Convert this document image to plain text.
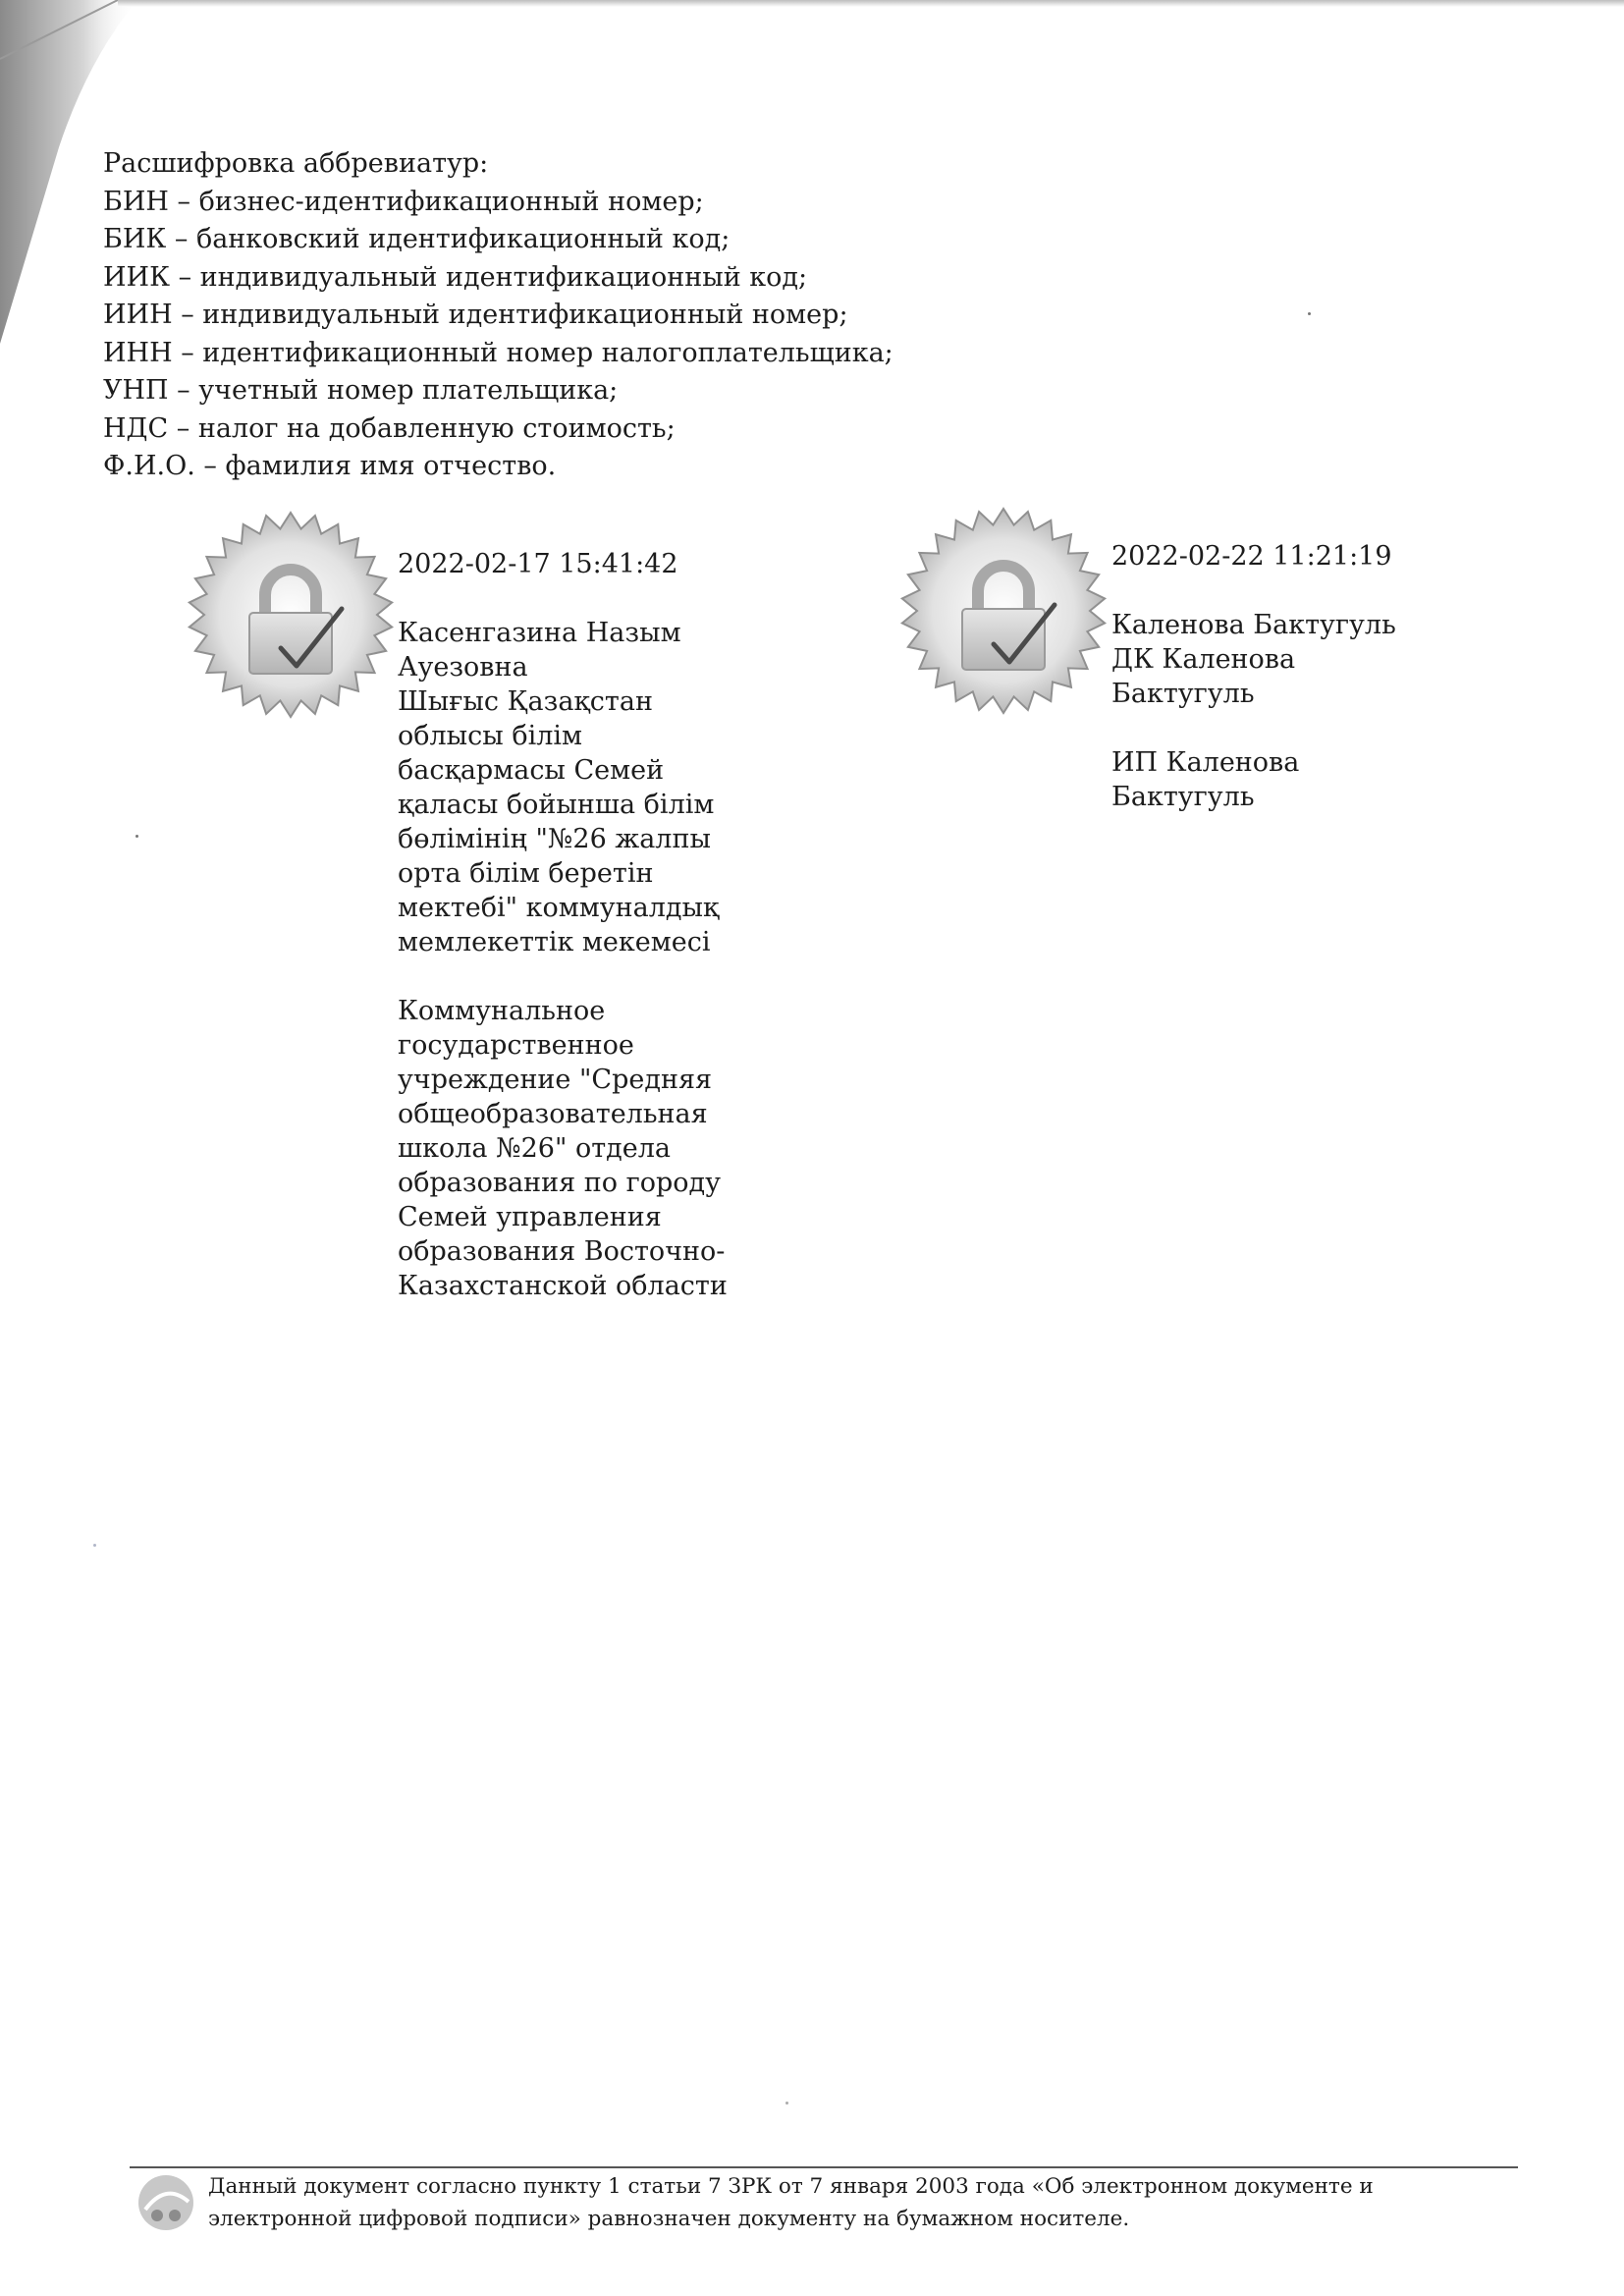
Расшифровка аббревиатур:
БИН – бизнес-идентификационный номер;
БИК – банковский идентификационный код;
ИИК – индивидуальный идентификационный код;
ИИН – индивидуальный идентификационный номер;
ИНН – идентификационный номер налогоплательщика;
УНП – учетный номер плательщика;
НДС – налог на добавленную стоимость;
Ф.И.О. – фамилия имя отчество.

2022-02-17 15:41:42

Касенгазина Назым
Ауезовна
Шығыс Қазақстан
облысы білім
басқармасы Семей
қаласы бойынша білім
бөлімінің "№26 жалпы
орта білім беретін
мектебі" коммуналдық
мемлекеттік мекемесі

Коммунальное
государственное
учреждение "Средняя
общеобразовательная
школа №26" отдела
образования по городу
Семей управления
образования Восточно-
Казахстанской области

2022-02-22 11:21:19

Каленова Бактугуль
ДК Каленова
Бактугуль

ИП Каленова
Бактугуль

Данный документ согласно пункту 1 статьи 7 ЗРК от 7 января 2003 года «Об электронном документе и электронной цифровой подписи» равнозначен документу на бумажном носителе.
